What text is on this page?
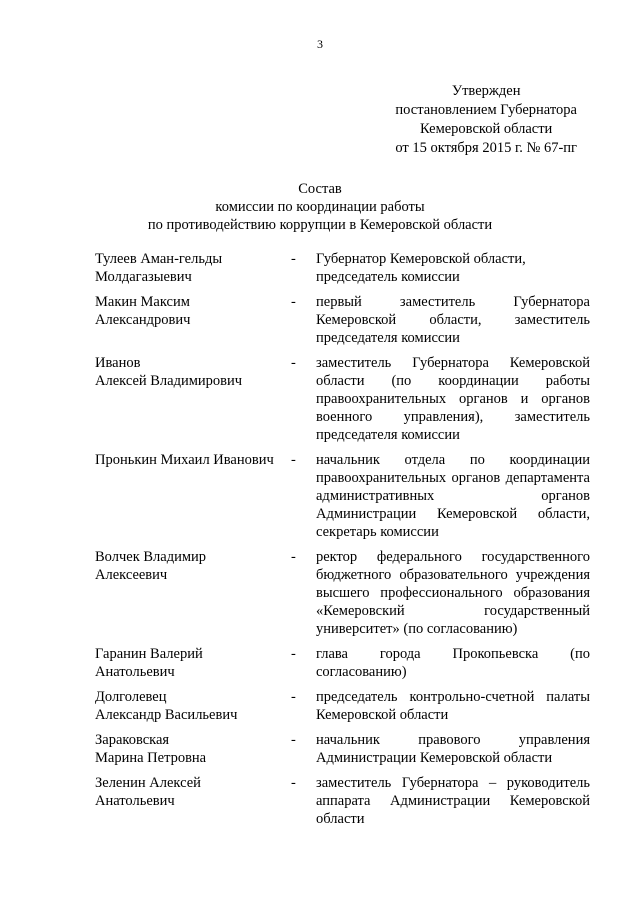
3
Утвержден
постановлением Губернатора
Кемеровской области
от 15 октября 2015 г. № 67-пг
Состав
комиссии по координации работы
по противодействию коррупции в Кемеровской области
Тулеев Аман-гельды
Молдагазыевич
-	Губернатор Кемеровской области,
председатель комиссии
Макин Максим
Александрович
-	первый заместитель Губернатора Кемеровской области, заместитель председателя комиссии
Иванов
Алексей Владимирович
-	заместитель Губернатора Кемеровской области (по координации работы правоохранительных органов и органов военного управления), заместитель председателя комиссии
Пронькин Михаил Иванович	-	начальник отдела по координации правоохранительных органов департамента административных органов Администрации Кемеровской области, секретарь комиссии
Волчек Владимир
Алексеевич
-	ректор федерального государственного бюджетного образовательного учреждения высшего профессионального образования «Кемеровский государственный университет» (по согласованию)
Гаранин Валерий
Анатольевич
-	глава города Прокопьевска (по согласованию)
Долголевец
Александр Васильевич
-	председатель контрольно-счетной палаты Кемеровской области
Зараковская
Марина Петровна
-	начальник правового управления Администрации Кемеровской области
Зеленин Алексей
Анатольевич
-	заместитель Губернатора – руководитель аппарата Администрации Кемеровской области
